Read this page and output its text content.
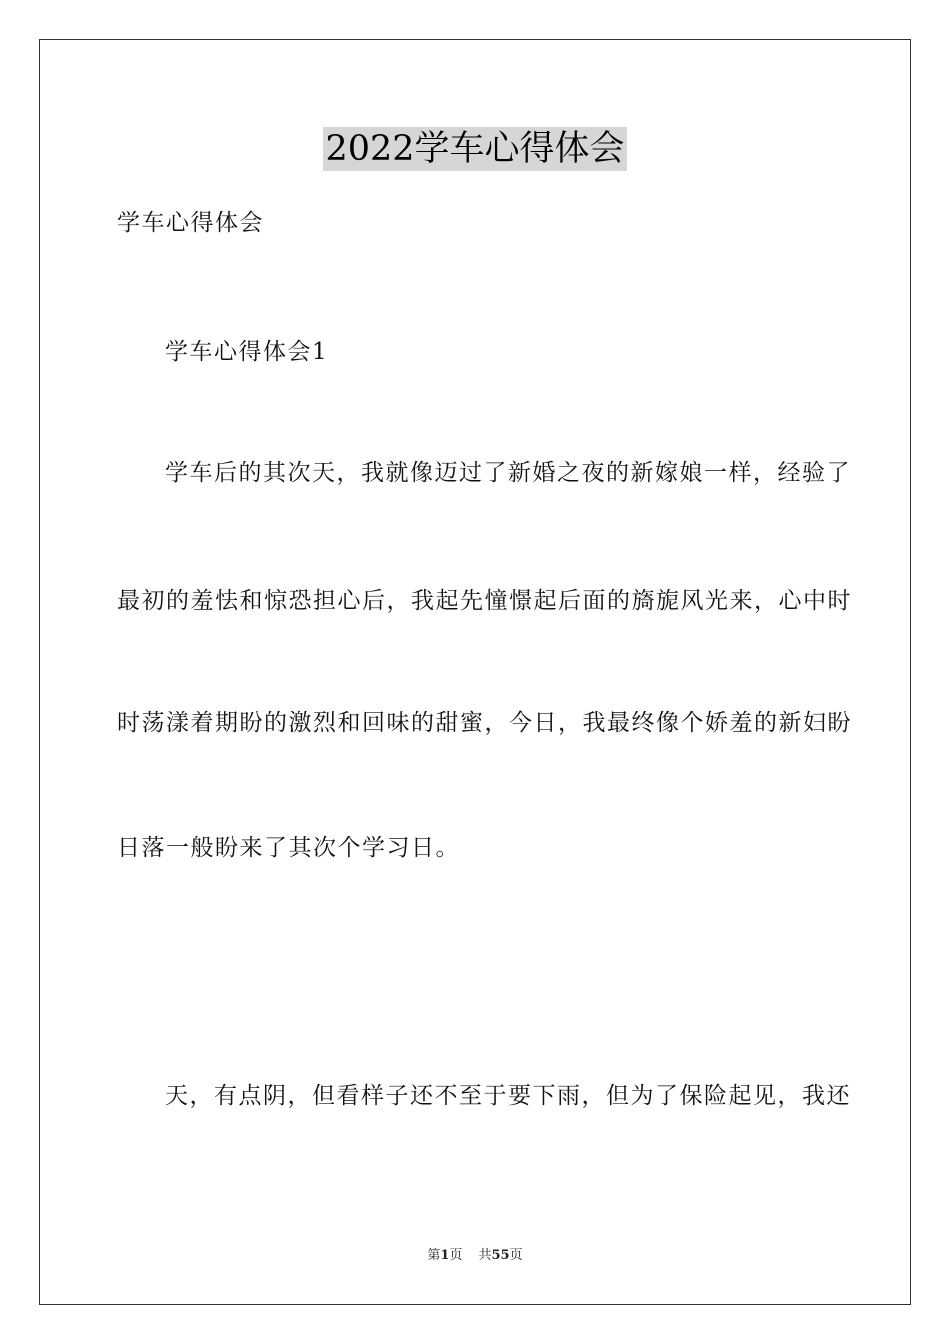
2022学车心得体会
学车心得体会
学车心得体会1
学车后的其次天，我就像迈过了新婚之夜的新嫁娘一样，经验了
最初的羞怯和惊恐担心后，我起先憧憬起后面的旖旎风光来，心中时
时荡漾着期盼的激烈和回味的甜蜜，今日，我最终像个娇羞的新妇盼
日落一般盼来了其次个学习日。
天，有点阴，但看样子还不至于要下雨，但为了保险起见，我还
第1页 共55页
